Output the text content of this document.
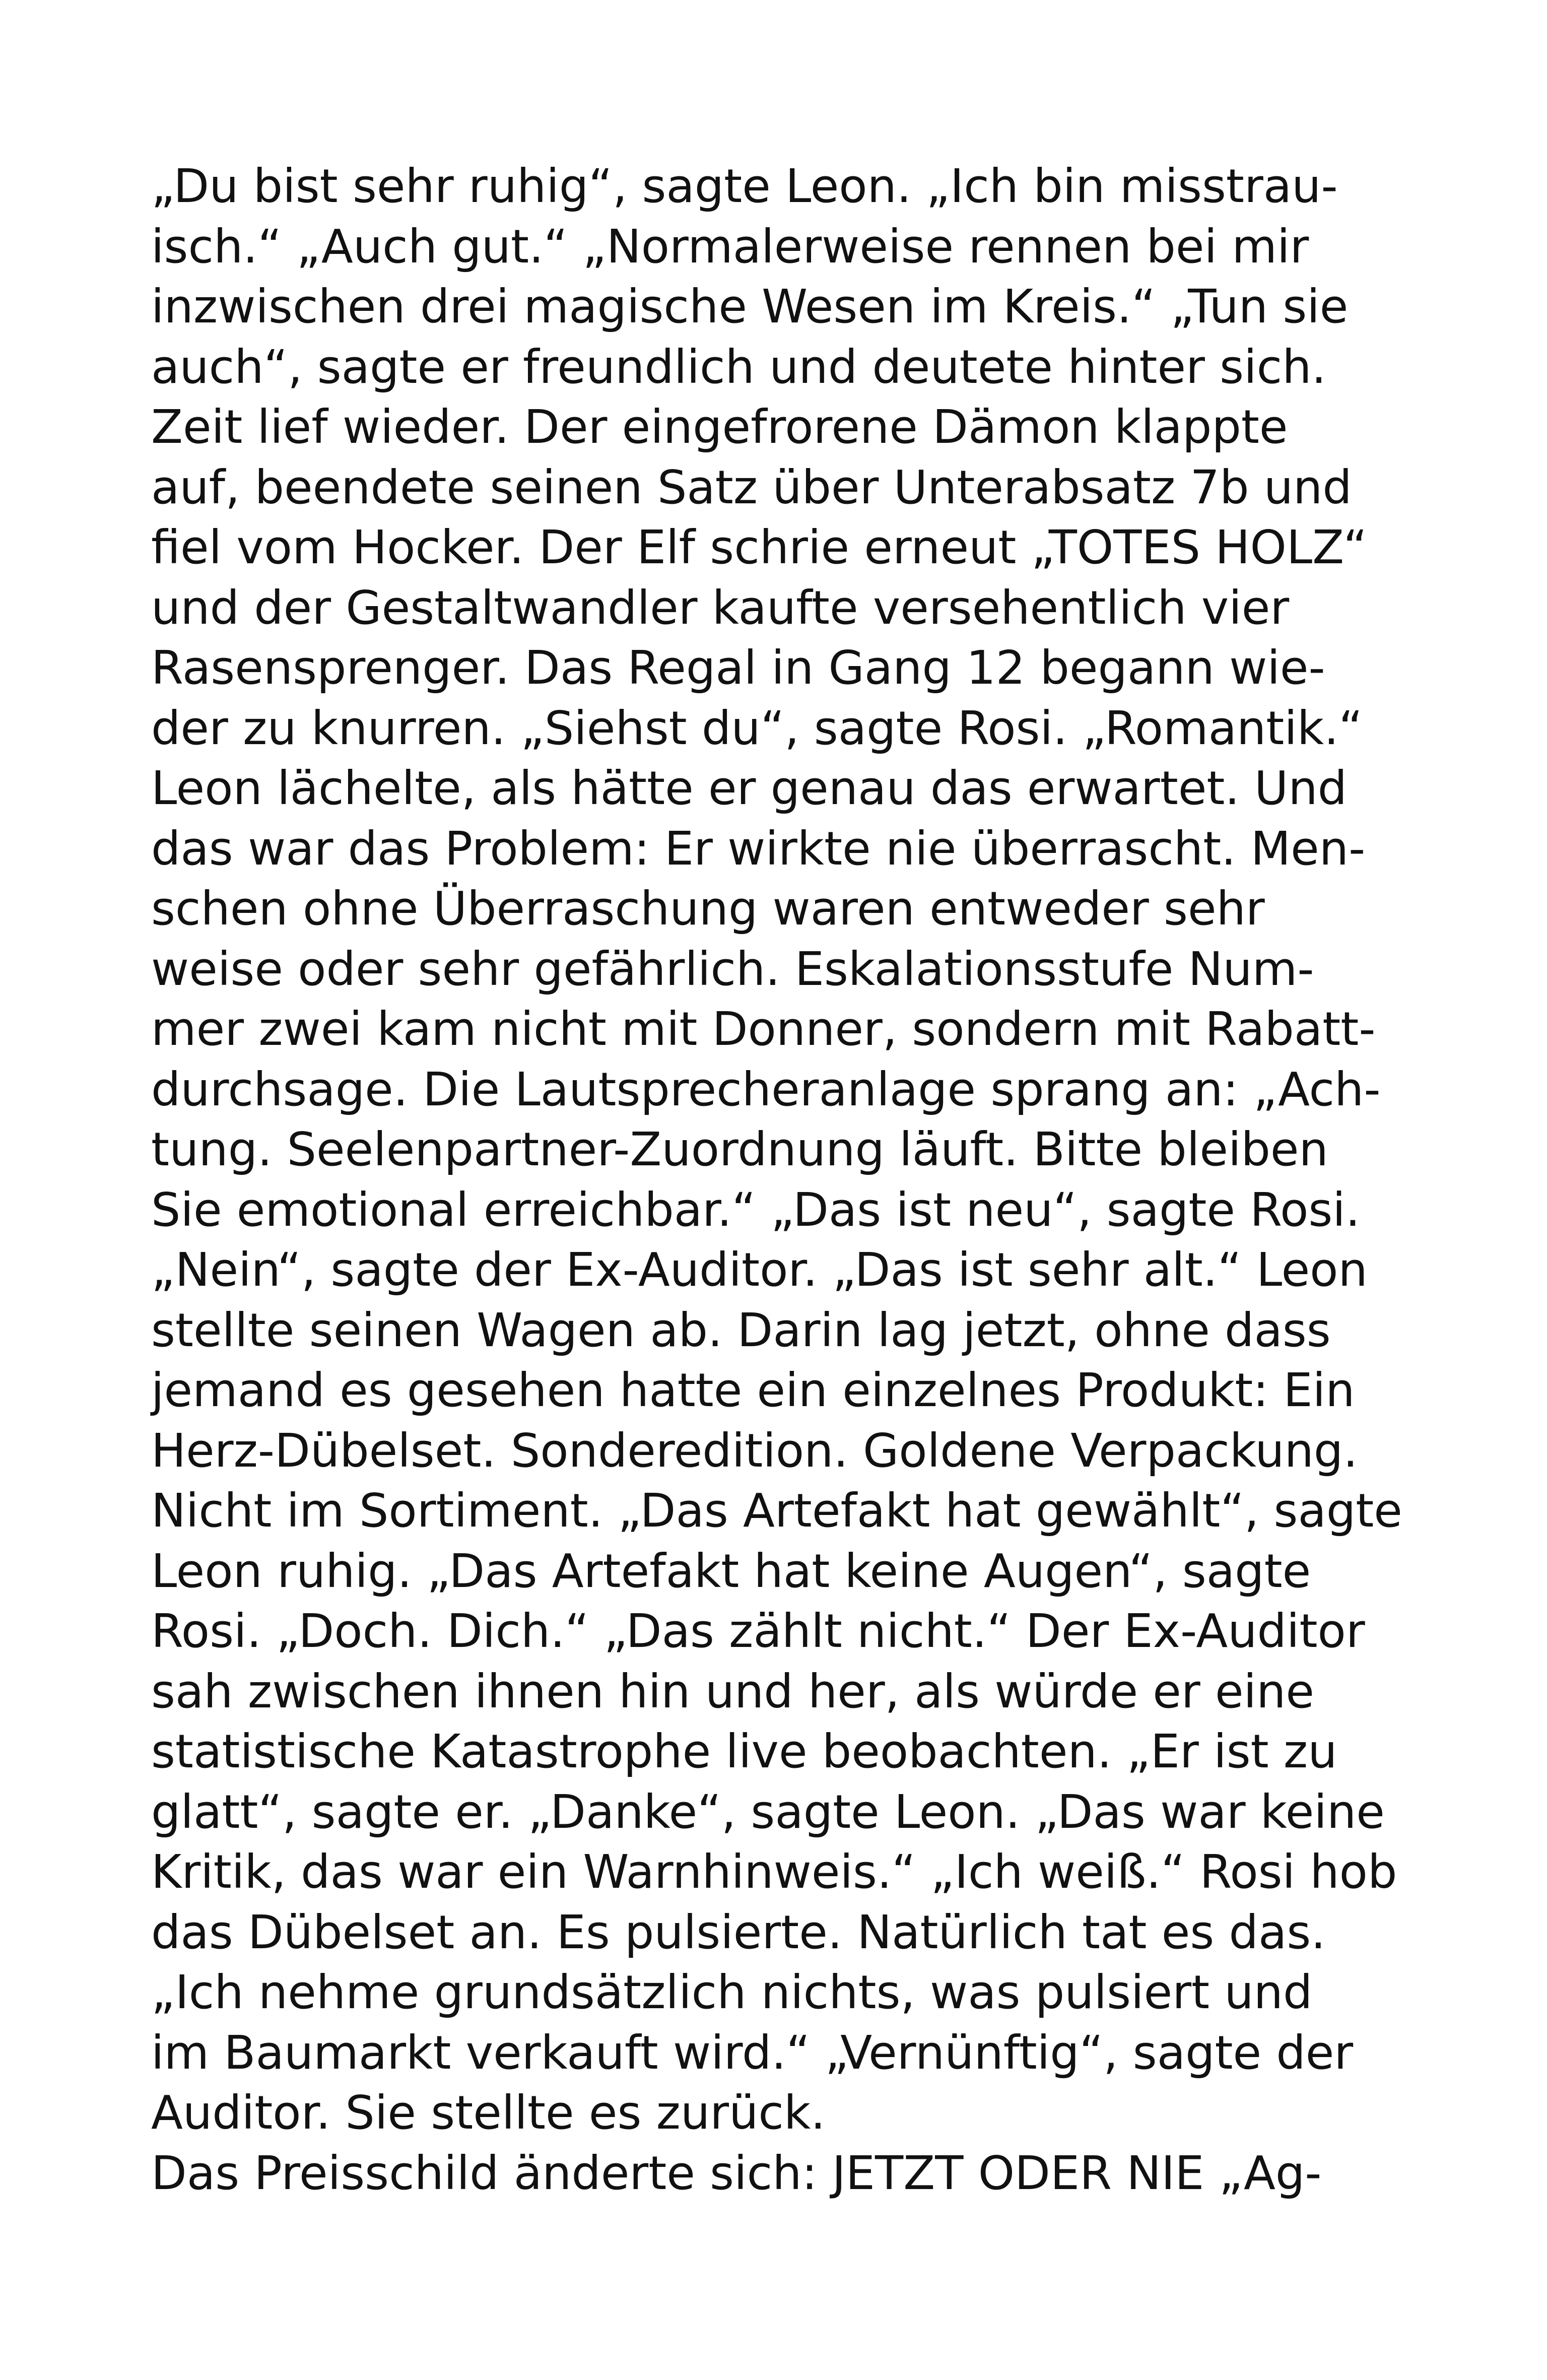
„Du bist sehr ruhig“, sagte Leon. „Ich bin misstrau-
isch.“ „Auch gut.“ „Normalerweise rennen bei mir
inzwischen drei magische Wesen im Kreis.“ „Tun sie
auch“, sagte er freundlich und deutete hinter sich.
Zeit lief wieder. Der eingefrorene Dämon klappte
auf, beendete seinen Satz über Unterabsatz 7b und
fiel vom Hocker. Der Elf schrie erneut „TOTES HOLZ“
und der Gestaltwandler kaufte versehentlich vier
Rasensprenger. Das Regal in Gang 12 begann wie-
der zu knurren. „Siehst du“, sagte Rosi. „Romantik.“
Leon lächelte, als hätte er genau das erwartet. Und
das war das Problem: Er wirkte nie überrascht. Men-
schen ohne Überraschung waren entweder sehr
weise oder sehr gefährlich. Eskalationsstufe Num-
mer zwei kam nicht mit Donner, sondern mit Rabatt-
durchsage. Die Lautsprecheranlage sprang an: „Ach-
tung. Seelenpartner-Zuordnung läuft. Bitte bleiben
Sie emotional erreichbar.“ „Das ist neu“, sagte Rosi.
„Nein“, sagte der Ex-Auditor. „Das ist sehr alt.“ Leon
stellte seinen Wagen ab. Darin lag jetzt, ohne dass
jemand es gesehen hatte ein einzelnes Produkt: Ein
Herz-Dübelset. Sonderedition. Goldene Verpackung.
Nicht im Sortiment. „Das Artefakt hat gewählt“, sagte
Leon ruhig. „Das Artefakt hat keine Augen“, sagte
Rosi. „Doch. Dich.“ „Das zählt nicht.“ Der Ex-Auditor
sah zwischen ihnen hin und her, als würde er eine
statistische Katastrophe live beobachten. „Er ist zu
glatt“, sagte er. „Danke“, sagte Leon. „Das war keine
Kritik, das war ein Warnhinweis.“ „Ich weiß.“ Rosi hob
das Dübelset an. Es pulsierte. Natürlich tat es das.
„Ich nehme grundsätzlich nichts, was pulsiert und
im Baumarkt verkauft wird.“ „Vernünftig“, sagte der
Auditor. Sie stellte es zurück.
Das Preisschild änderte sich: JETZT ODER NIE „Ag-
